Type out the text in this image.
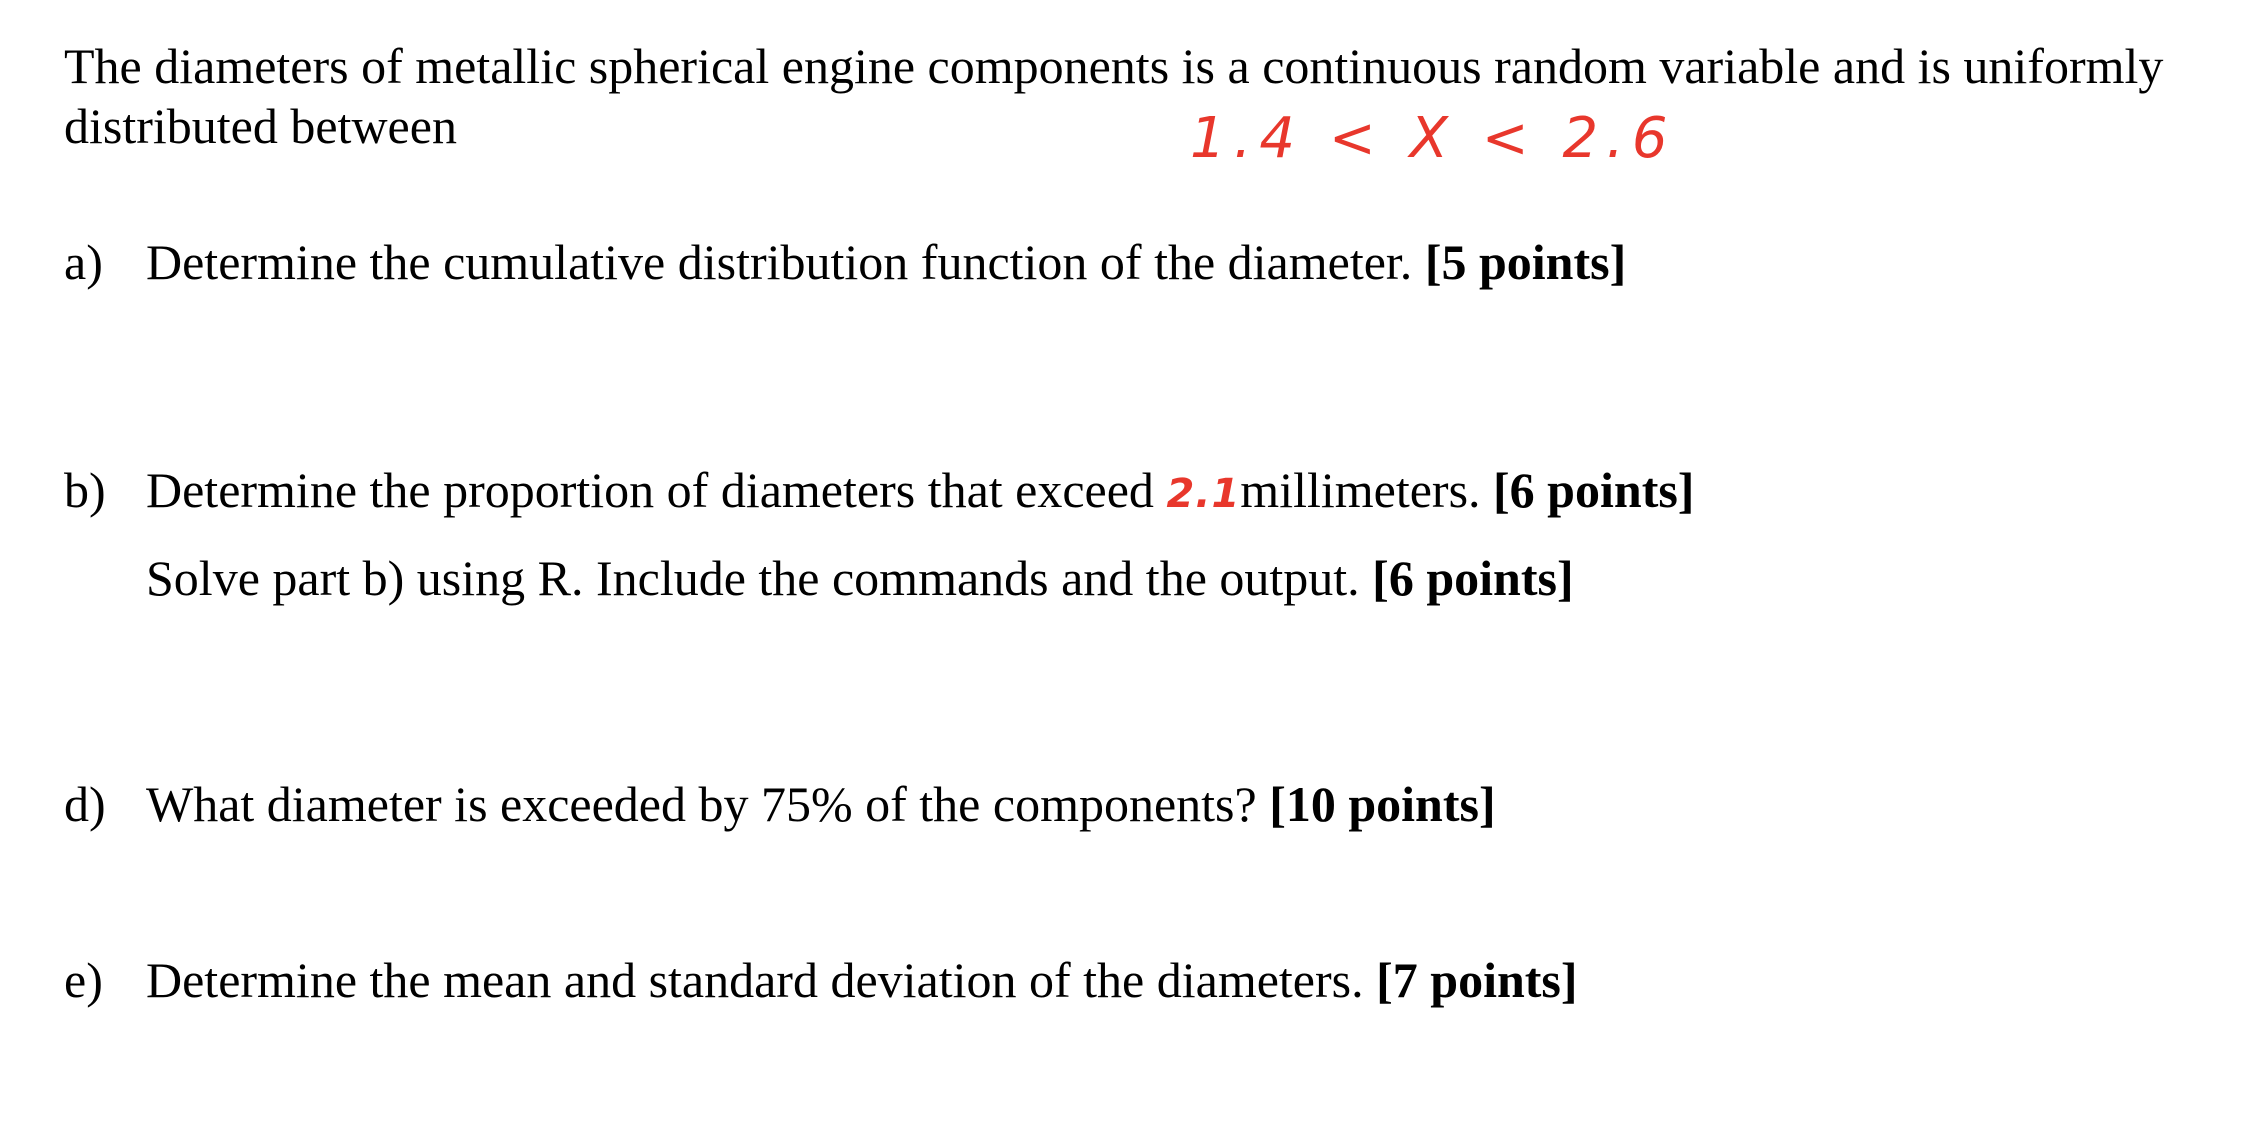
The diameters of metallic spherical engine components is a continuous random variable and is uniformly distributed between	1.4 < X < 2.6
a) Determine the cumulative distribution function of the diameter. [5 points]
b) Determine the proportion of diameters that exceed 2.1millimeters. [6 points]
Solve part b) using R. Include the commands and the output. [6 points]
d) What diameter is exceeded by 75% of the components? [10 points]
e) Determine the mean and standard deviation of the diameters. [7 points]
